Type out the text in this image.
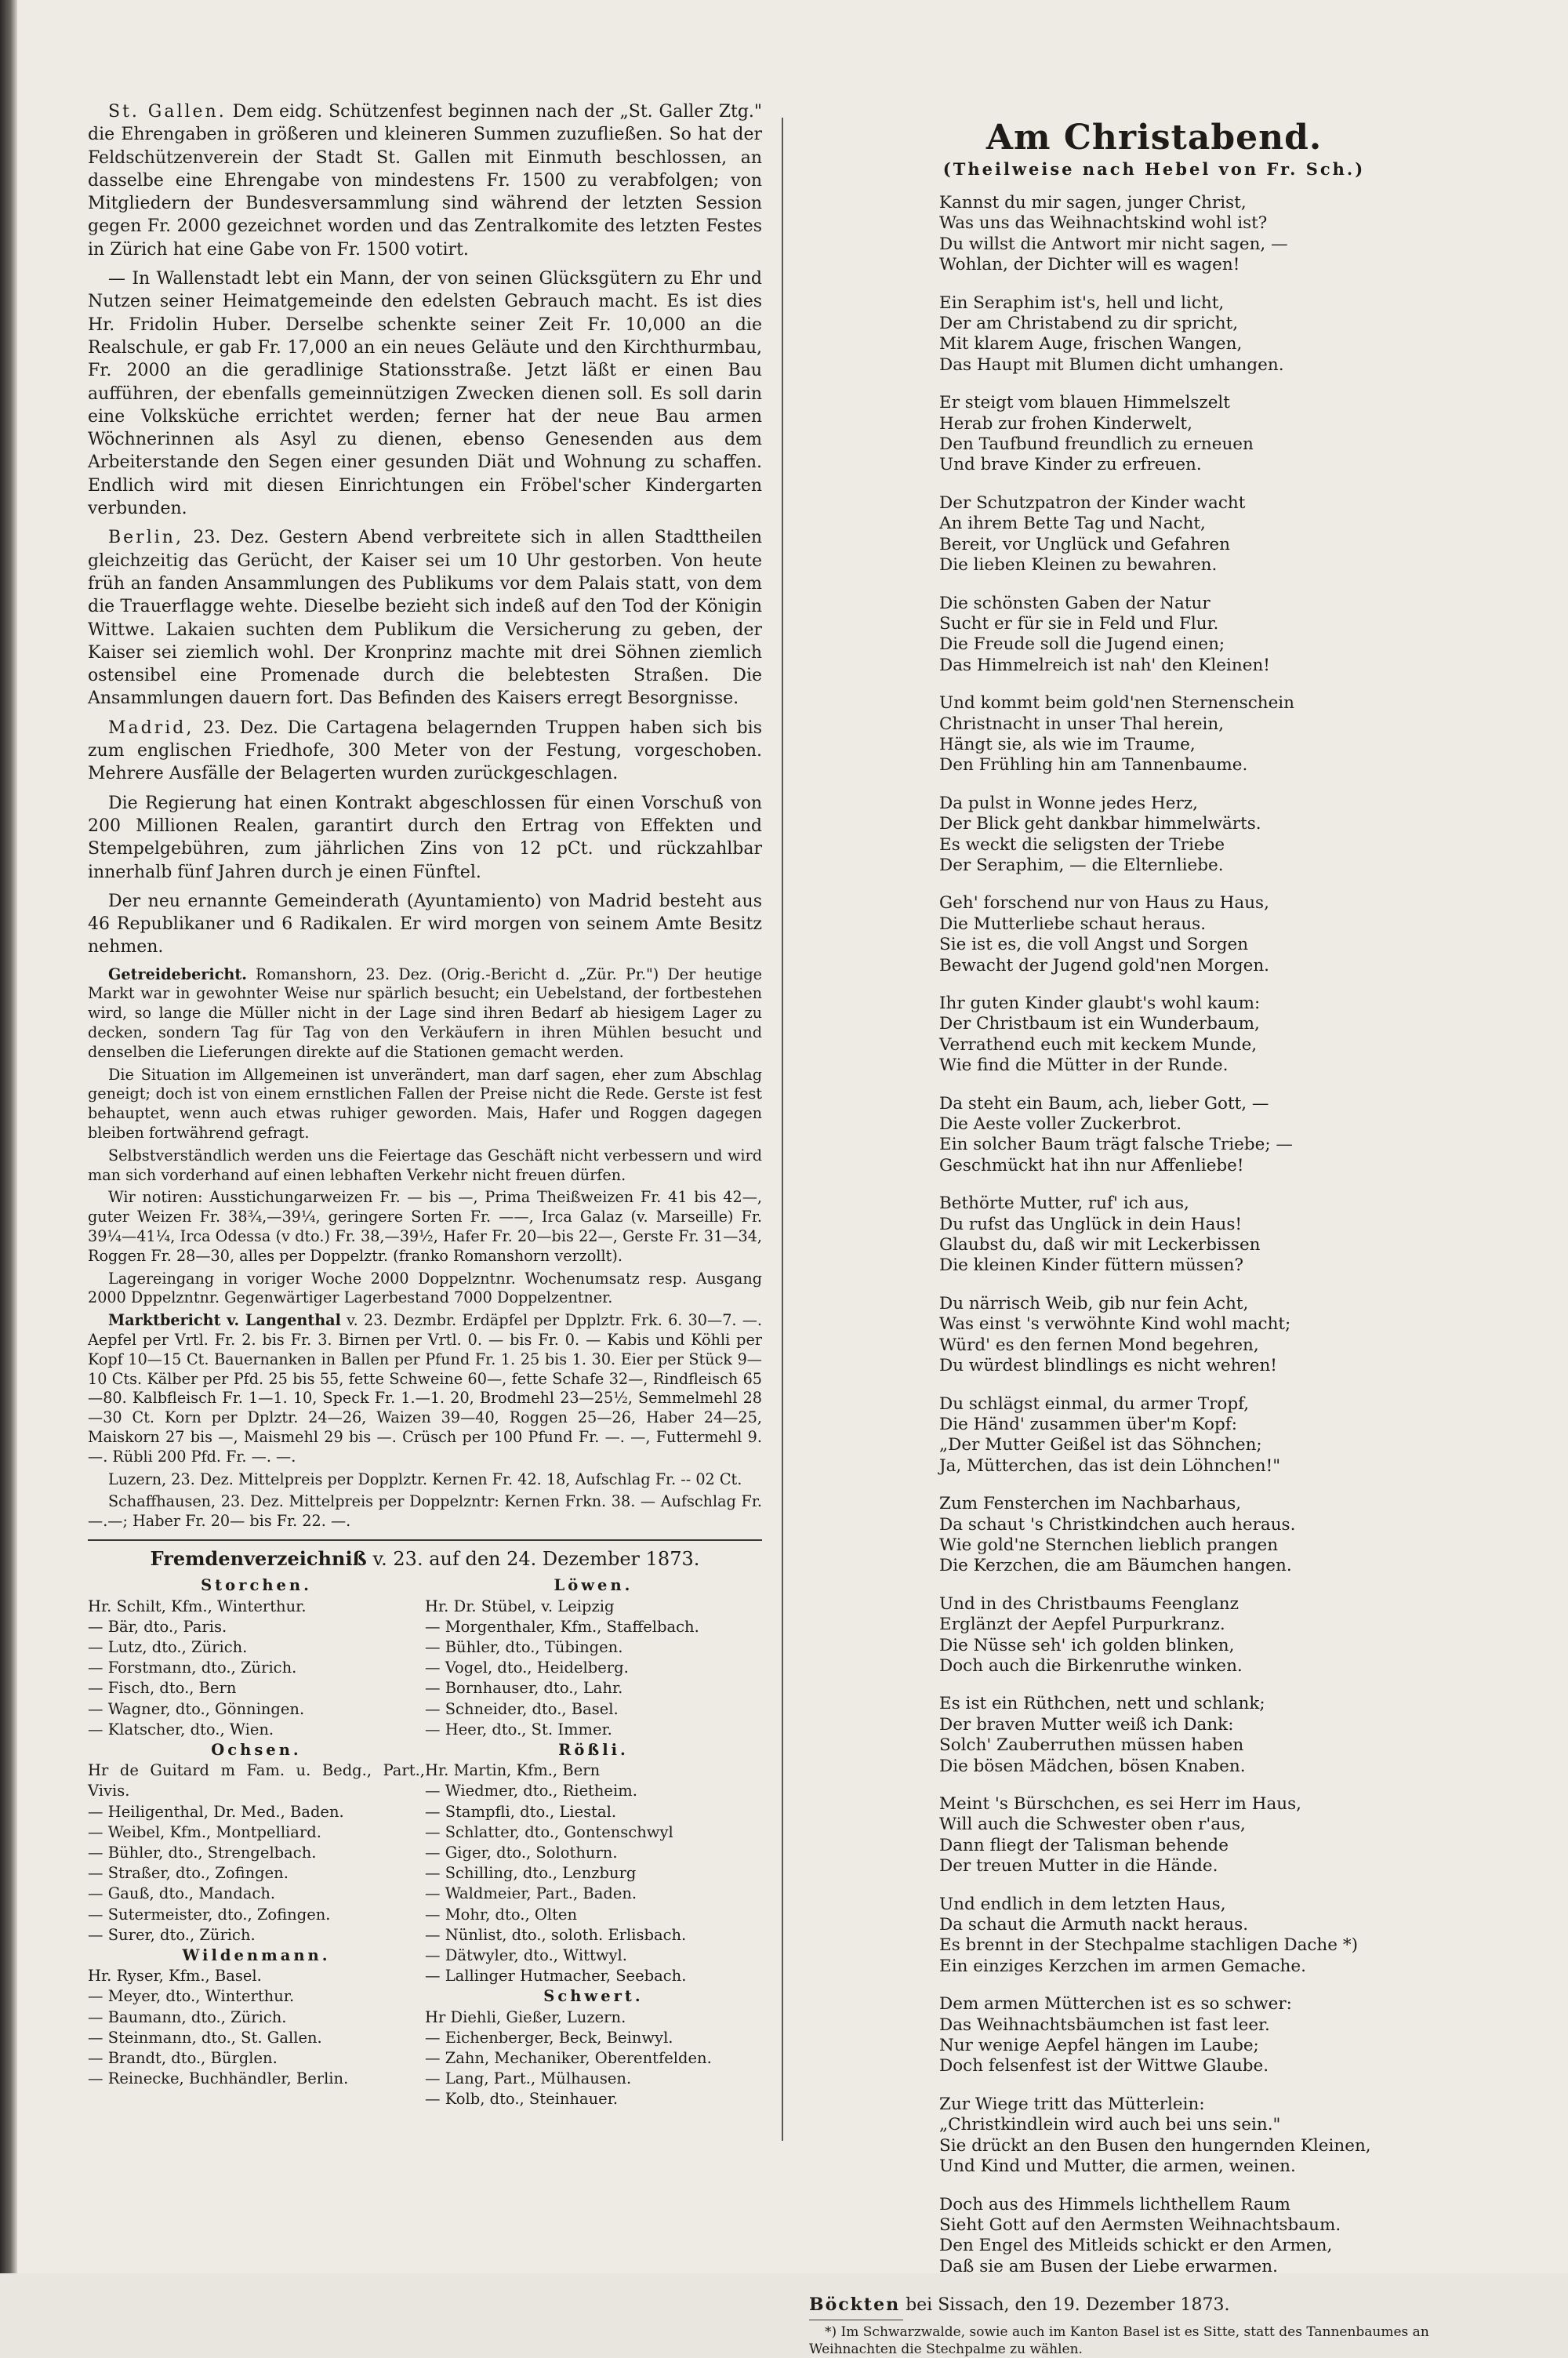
St. Gallen. Dem eidg. Schützenfest beginnen nach der „St. Galler Ztg." die Ehrengaben in größeren und kleineren Summen zuzufließen. So hat der Feldschützenverein der Stadt St. Gallen mit Einmuth beschlossen, an dasselbe eine Ehrengabe von mindestens Fr. 1500 zu verabfolgen; von Mitgliedern der Bundesversammlung sind während der letzten Session gegen Fr. 2000 gezeichnet worden und das Zentralkomite des letzten Festes in Zürich hat eine Gabe von Fr. 1500 votirt.

— In Wallenstadt lebt ein Mann, der von seinen Glücksgütern zu Ehr und Nutzen seiner Heimatgemeinde den edelsten Gebrauch macht. Es ist dies Hr. Fridolin Huber. Derselbe schenkte seiner Zeit Fr. 10,000 an die Realschule, er gab Fr. 17,000 an ein neues Geläute und den Kirchthurmbau, Fr. 2000 an die geradlinige Stationsstraße. Jetzt läßt er einen Bau aufführen, der ebenfalls gemeinnützigen Zwecken dienen soll. Es soll darin eine Volksküche errichtet werden; ferner hat der neue Bau armen Wöchnerinnen als Asyl zu dienen, ebenso Genesenden aus dem Arbeiterstande den Segen einer gesunden Diät und Wohnung zu schaffen. Endlich wird mit diesen Einrichtungen ein Fröbel'scher Kindergarten verbunden.

Berlin, 23. Dez. Gestern Abend verbreitete sich in allen Stadttheilen gleichzeitig das Gerücht, der Kaiser sei um 10 Uhr gestorben. Von heute früh an fanden Ansammlungen des Publikums vor dem Palais statt, von dem die Trauerflagge wehte. Dieselbe bezieht sich indeß auf den Tod der Königin Wittwe. Lakaien suchten dem Publikum die Versicherung zu geben, der Kaiser sei ziemlich wohl. Der Kronprinz machte mit drei Söhnen ziemlich ostensibel eine Promenade durch die belebtesten Straßen. Die Ansammlungen dauern fort. Das Befinden des Kaisers erregt Besorgnisse.

Madrid, 23. Dez. Die Cartagena belagernden Truppen haben sich bis zum englischen Friedhofe, 300 Meter von der Festung, vorgeschoben. Mehrere Ausfälle der Belagerten wurden zurückgeschlagen.

Die Regierung hat einen Kontrakt abgeschlossen für einen Vorschuß von 200 Millionen Realen, garantirt durch den Ertrag von Effekten und Stempelgebühren, zum jährlichen Zins von 12 pCt. und rückzahlbar innerhalb fünf Jahren durch je einen Fünftel.

Der neu ernannte Gemeinderath (Ayuntamiento) von Madrid besteht aus 46 Republikaner und 6 Radikalen. Er wird morgen von seinem Amte Besitz nehmen.

Getreidebericht. Romanshorn, 23. Dez. (Orig.-Bericht d. „Zür. Pr.") Der heutige Markt war in gewohnter Weise nur spärlich besucht; ein Uebelstand, der fortbestehen wird, so lange die Müller nicht in der Lage sind ihren Bedarf ab hiesigem Lager zu decken, sondern Tag für Tag von den Verkäufern in ihren Mühlen besucht und denselben die Lieferungen direkte auf die Stationen gemacht werden.

Die Situation im Allgemeinen ist unverändert, man darf sagen, eher zum Abschlag geneigt; doch ist von einem ernstlichen Fallen der Preise nicht die Rede. Gerste ist fest behauptet, wenn auch etwas ruhiger geworden. Mais, Hafer und Roggen dagegen bleiben fortwährend gefragt.

Selbstverständlich werden uns die Feiertage das Geschäft nicht verbessern und wird man sich vorderhand auf einen lebhaften Verkehr nicht freuen dürfen.

Wir notiren: Ausstichungarweizen Fr. — bis —, Prima Theißweizen Fr. 41 bis 42—, guter Weizen Fr. 38¾,—39¼, geringere Sorten Fr. ——, Irca Galaz (v. Marseille) Fr. 39¼—41¼, Irca Odessa (v dto.) Fr. 38,—39½, Hafer Fr. 20—bis 22—, Gerste Fr. 31—34, Roggen Fr. 28—30, alles per Doppelztr. (franko Romanshorn verzollt).

Lagereingang in voriger Woche 2000 Doppelzntnr. Wochenumsatz resp. Ausgang 2000 Dppelzntnr. Gegenwärtiger Lagerbestand 7000 Doppelzentner.

Marktbericht v. Langenthal v. 23. Dezmbr. Erdäpfel per Dpplztr. Frk. 6. 30—7. —. Aepfel per Vrtl. Fr. 2. bis Fr. 3. Birnen per Vrtl. 0. — bis Fr. 0. — Kabis und Köhli per Kopf 10—15 Ct. Bauernanken in Ballen per Pfund Fr. 1. 25 bis 1. 30. Eier per Stück 9—10 Cts. Kälber per Pfd. 25 bis 55, fette Schweine 60—, fette Schafe 32—, Rindfleisch 65—80. Kalbfleisch Fr. 1—1. 10, Speck Fr. 1.—1. 20, Brodmehl 23—25½, Semmelmehl 28—30 Ct. Korn per Dplztr. 24—26, Waizen 39—40, Roggen 25—26, Haber 24—25, Maiskorn 27 bis —, Maismehl 29 bis —. Crüsch per 100 Pfund Fr. —. —, Futtermehl 9. —. Rübli 200 Pfd. Fr. —. —.

Luzern, 23. Dez. Mittelpreis per Dopplztr. Kernen Fr. 42. 18, Aufschlag Fr. -- 02 Ct.

Schaffhausen, 23. Dez. Mittelpreis per Doppelzntr: Kernen Frkn. 38. — Aufschlag Fr. —.—; Haber Fr. 20— bis Fr. 22. —.

Fremdenverzeichniß v. 23. auf den 24. Dezember 1873.
Storchen.
Hr. Schilt, Kfm., Winterthur.
— Bär, dto., Paris.
— Lutz, dto., Zürich.
— Forstmann, dto., Zürich.
— Fisch, dto., Bern
— Wagner, dto., Gönningen.
— Klatscher, dto., Wien.
Ochsen.
Hr de Guitard m Fam. u. Bedg., Part., Vivis.
— Heiligenthal, Dr. Med., Baden.
— Weibel, Kfm., Montpelliard.
— Bühler, dto., Strengelbach.
— Straßer, dto., Zofingen.
— Gauß, dto., Mandach.
— Sutermeister, dto., Zofingen.
— Surer, dto., Zürich.
Wildenmann.
Hr. Ryser, Kfm., Basel.
— Meyer, dto., Winterthur.
— Baumann, dto., Zürich.
— Steinmann, dto., St. Gallen.
— Brandt, dto., Bürglen.
— Reinecke, Buchhändler, Berlin.
Löwen.
Hr. Dr. Stübel, v. Leipzig
— Morgenthaler, Kfm., Staffelbach.
— Bühler, dto., Tübingen.
— Vogel, dto., Heidelberg.
— Bornhauser, dto., Lahr.
— Schneider, dto., Basel.
— Heer, dto., St. Immer.
Rößli.
Hr. Martin, Kfm., Bern
— Wiedmer, dto., Rietheim.
— Stampfli, dto., Liestal.
— Schlatter, dto., Gontenschwyl
— Giger, dto., Solothurn.
— Schilling, dto., Lenzburg
— Waldmeier, Part., Baden.
— Mohr, dto., Olten
— Nünlist, dto., soloth. Erlisbach.
— Dätwyler, dto., Wittwyl.
— Lallinger Hutmacher, Seebach.
Schwert.
Hr Diehli, Gießer, Luzern.
— Eichenberger, Beck, Beinwyl.
— Zahn, Mechaniker, Oberentfelden.
— Lang, Part., Mülhausen.
— Kolb, dto., Steinhauer.
Am Christabend.
(Theilweise nach Hebel von Fr. Sch.)
Kannst du mir sagen, junger Christ,
Was uns das Weihnachtskind wohl ist?
Du willst die Antwort mir nicht sagen, —
Wohlan, der Dichter will es wagen!
Ein Seraphim ist's, hell und licht,
Der am Christabend zu dir spricht,
Mit klarem Auge, frischen Wangen,
Das Haupt mit Blumen dicht umhangen.
Er steigt vom blauen Himmelszelt
Herab zur frohen Kinderwelt,
Den Taufbund freundlich zu erneuen
Und brave Kinder zu erfreuen.
Der Schutzpatron der Kinder wacht
An ihrem Bette Tag und Nacht,
Bereit, vor Unglück und Gefahren
Die lieben Kleinen zu bewahren.
Die schönsten Gaben der Natur
Sucht er für sie in Feld und Flur.
Die Freude soll die Jugend einen;
Das Himmelreich ist nah' den Kleinen!
Und kommt beim gold'nen Sternenschein
Christnacht in unser Thal herein,
Hängt sie, als wie im Traume,
Den Frühling hin am Tannenbaume.
Da pulst in Wonne jedes Herz,
Der Blick geht dankbar himmelwärts.
Es weckt die seligsten der Triebe
Der Seraphim, — die Elternliebe.
Geh' forschend nur von Haus zu Haus,
Die Mutterliebe schaut heraus.
Sie ist es, die voll Angst und Sorgen
Bewacht der Jugend gold'nen Morgen.
Ihr guten Kinder glaubt's wohl kaum:
Der Christbaum ist ein Wunderbaum,
Verrathend euch mit keckem Munde,
Wie find die Mütter in der Runde.
Da steht ein Baum, ach, lieber Gott, —
Die Aeste voller Zuckerbrot.
Ein solcher Baum trägt falsche Triebe; —
Geschmückt hat ihn nur Affenliebe!
Bethörte Mutter, ruf' ich aus,
Du rufst das Unglück in dein Haus!
Glaubst du, daß wir mit Leckerbissen
Die kleinen Kinder füttern müssen?
Du närrisch Weib, gib nur fein Acht,
Was einst 's verwöhnte Kind wohl macht;
Würd' es den fernen Mond begehren,
Du würdest blindlings es nicht wehren!
Du schlägst einmal, du armer Tropf,
Die Händ' zusammen über'm Kopf:
„Der Mutter Geißel ist das Söhnchen;
Ja, Mütterchen, das ist dein Löhnchen!"
Zum Fensterchen im Nachbarhaus,
Da schaut 's Christkindchen auch heraus.
Wie gold'ne Sternchen lieblich prangen
Die Kerzchen, die am Bäumchen hangen.
Und in des Christbaums Feenglanz
Erglänzt der Aepfel Purpurkranz.
Die Nüsse seh' ich golden blinken,
Doch auch die Birkenruthe winken.
Es ist ein Rüthchen, nett und schlank;
Der braven Mutter weiß ich Dank:
Solch' Zauberruthen müssen haben
Die bösen Mädchen, bösen Knaben.
Meint 's Bürschchen, es sei Herr im Haus,
Will auch die Schwester oben r'aus,
Dann fliegt der Talisman behende
Der treuen Mutter in die Hände.
Und endlich in dem letzten Haus,
Da schaut die Armuth nackt heraus.
Es brennt in der Stechpalme stachligen Dache *)
Ein einziges Kerzchen im armen Gemache.
Dem armen Mütterchen ist es so schwer:
Das Weihnachtsbäumchen ist fast leer.
Nur wenige Aepfel hängen im Laube;
Doch felsenfest ist der Wittwe Glaube.
Zur Wiege tritt das Mütterlein:
„Christkindlein wird auch bei uns sein."
Sie drückt an den Busen den hungernden Kleinen,
Und Kind und Mutter, die armen, weinen.
Doch aus des Himmels lichthellem Raum
Sieht Gott auf den Aermsten Weihnachtsbaum.
Den Engel des Mitleids schickt er den Armen,
Daß sie am Busen der Liebe erwarmen.
Böckten bei Sissach, den 19. Dezember 1873.

*) Im Schwarzwalde, sowie auch im Kanton Basel ist es Sitte, statt des Tannenbaumes an Weihnachten die Stechpalme zu wählen.
